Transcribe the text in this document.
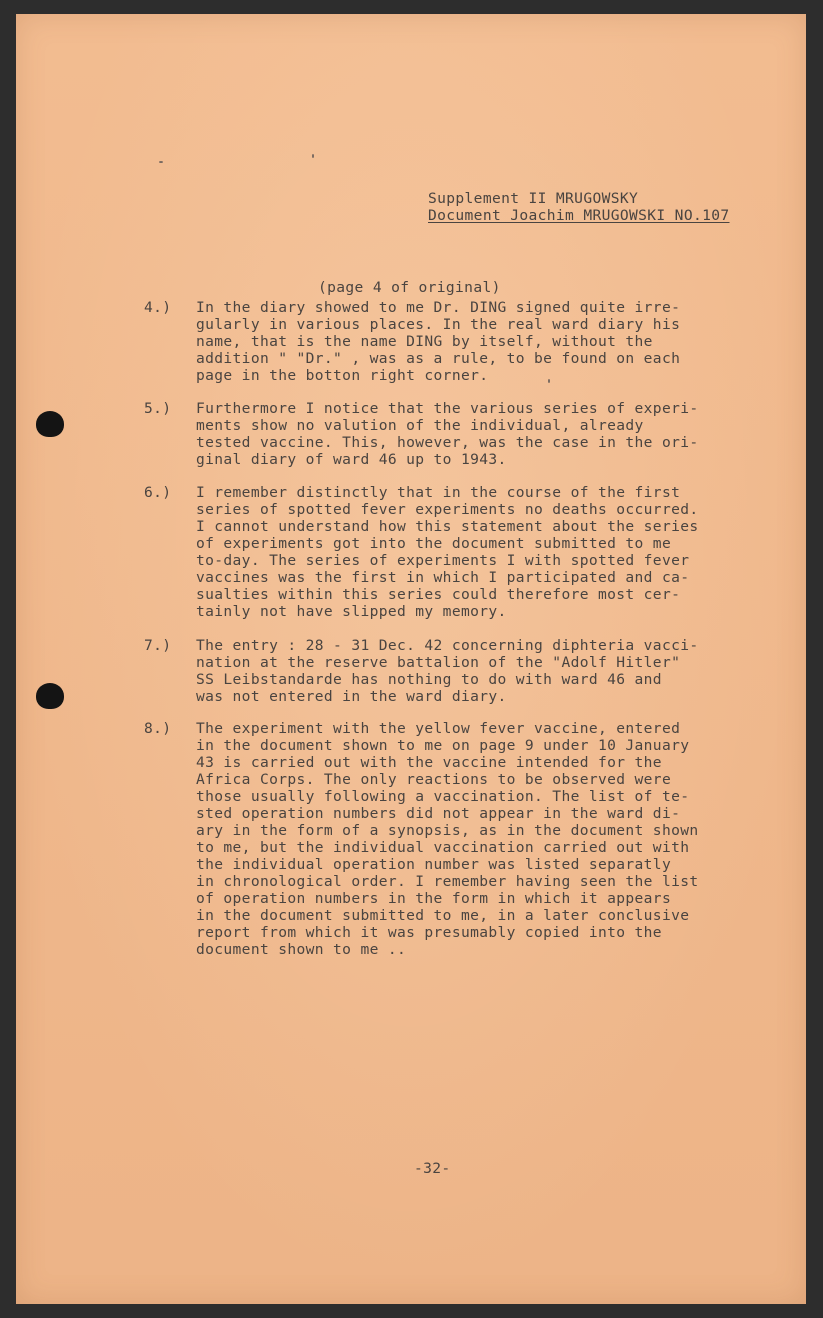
Supplement II MRUGOWSKY
Document Joachim MRUGOWSKI NO.107
(page 4 of original)
4.)	In the diary showed to me Dr. DING signed quite irre-
gularly in various places. In the real ward diary his
name, that is the name DING by itself, without the
addition " "Dr." , was as a rule, to be found on each
page in the botton right corner.
5.)	Furthermore I notice that the various series of experi-
ments show no valution of the individual, already
tested vaccine. This, however, was the case in the ori-
ginal diary of ward 46 up to 1943.
6.)	I remember distinctly that in the course of the first
series of spotted fever experiments no deaths occurred.
I cannot understand how this statement about the series
of experiments got into the document submitted to me
to-day. The series of experiments I with spotted fever
vaccines was the first in which I participated and ca-
sualties within this series could therefore most cer-
tainly not have slipped my memory.
7.)	The entry : 28 - 31 Dec. 42 concerning diphteria vacci-
nation at the reserve battalion of the "Adolf Hitler"
SS Leibstandarde has nothing to do with ward 46 and
was not entered in the ward diary.
8.)	The experiment with the yellow fever vaccine, entered
in the document shown to me on page 9 under 10 January
43 is carried out with the vaccine intended for the
Africa Corps. The only reactions to be observed were
those usually following a vaccination. The list of te-
sted operation numbers did not appear in the ward di-
ary in the form of a synopsis, as in the document shown
to me, but the individual vaccination carried out with
the individual operation number was listed separatly
in chronological order. I remember having seen the list
of operation numbers in the form in which it appears
in the document submitted to me, in a later conclusive
report from which it was presumably copied into the
document shown to me ..
-32-
